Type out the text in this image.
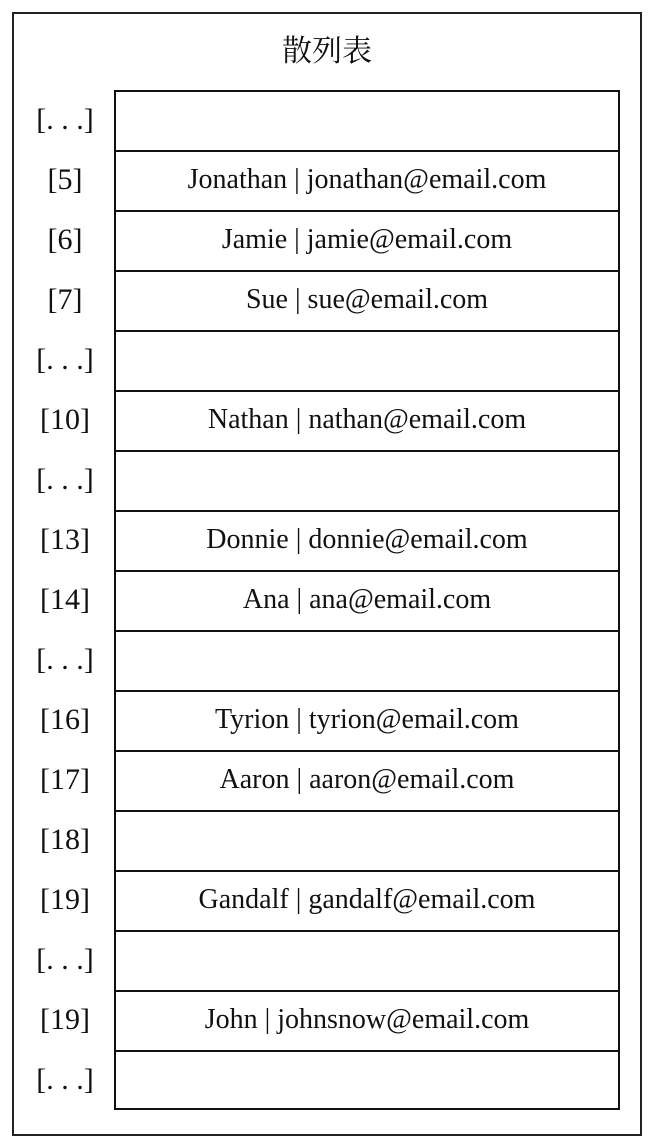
散列表
[. . .]
[5]	Jonathan | jonathan@email.com
[6]	Jamie | jamie@email.com
[7]	Sue | sue@email.com
[. . .]
[10]	Nathan | nathan@email.com
[. . .]
[13]	Donnie | donnie@email.com
[14]	Ana | ana@email.com
[. . .]
[16]	Tyrion | tyrion@email.com
[17]	Aaron | aaron@email.com
[18]
[19]	Gandalf | gandalf@email.com
[. . .]
[19]	John | johnsnow@email.com
[. . .]
